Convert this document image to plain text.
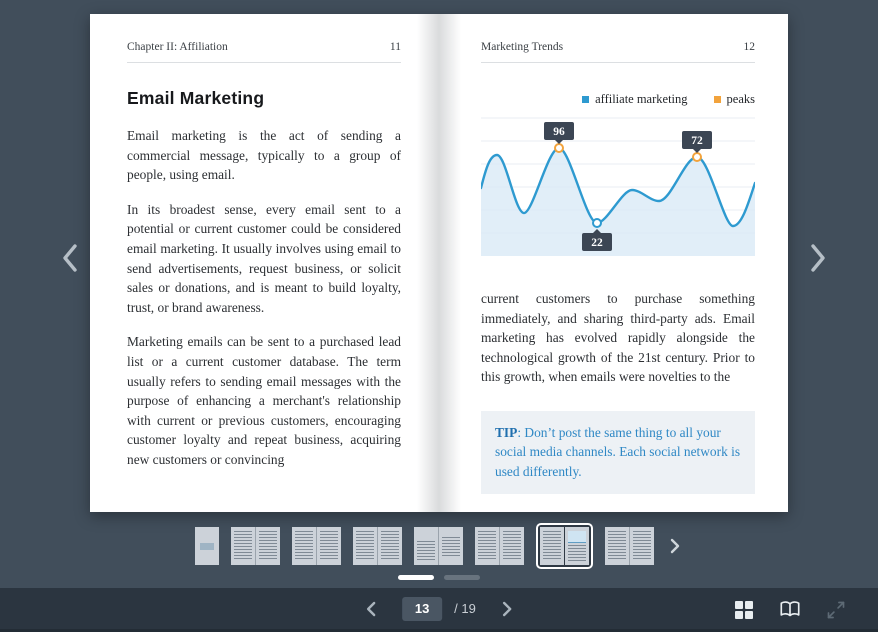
Chapter II: Affiliation	11
Email Marketing

Email marketing is the act of sending a commercial message, typically to a group of people, using email.

In its broadest sense, every email sent to a potential or current customer could be considered email marketing. It usually involves using email to send advertisements, request business, or solicit sales or donations, and is meant to build loyalty, trust, or brand awareness.

Marketing emails can be sent to a purchased lead list or a current customer database. The term usually refers to sending email messages with the purpose of enhancing a merchant's relationship with current or previous customers, encouraging customer loyalty and repeat business, acquiring new customers or convincing

Marketing Trends	12
affiliate marketing	peaks
96
22
72

current customers to purchase something immediately, and sharing third-party ads. Email marketing has evolved rapidly alongside the technological growth of the 21st century. Prior to this growth, when emails were novelties to the

TIP: Don’t post the same thing to all your social media channels. Each social network is used differently.
13
/ 19
